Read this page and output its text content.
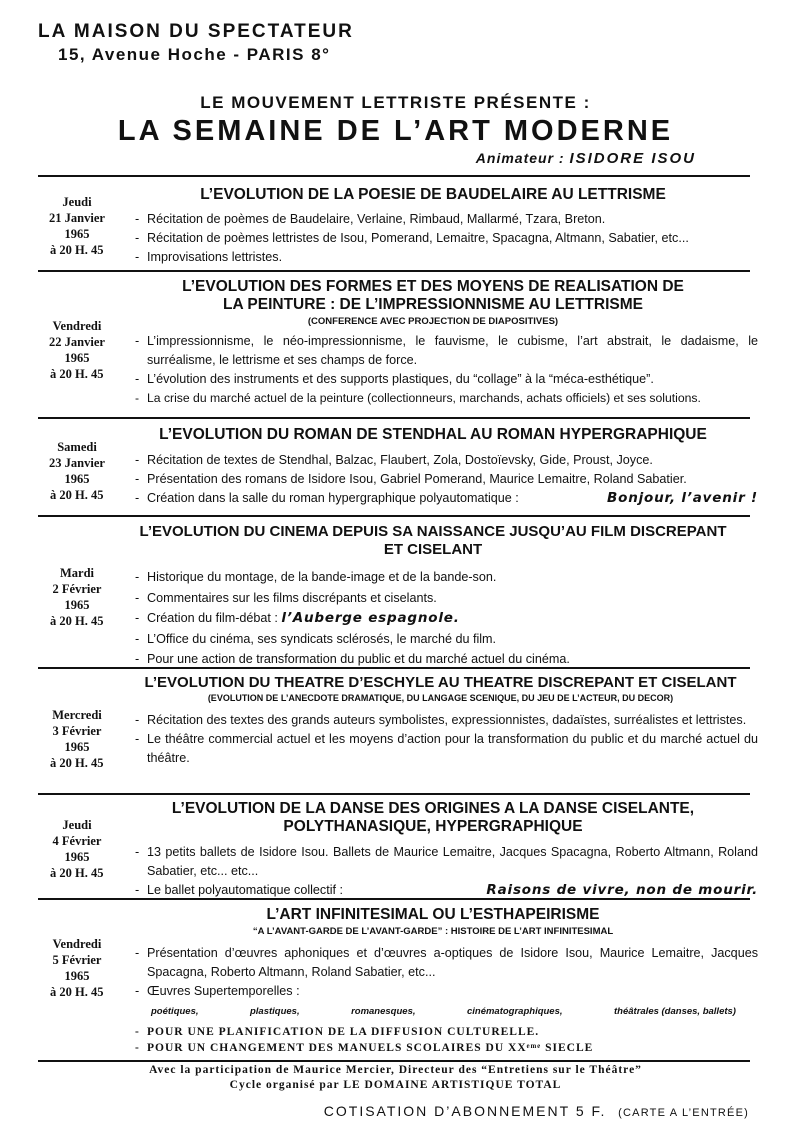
LA MAISON DU SPECTATEUR
15, Avenue Hoche - PARIS 8°
LE MOUVEMENT LETTRISTE PRÉSENTE :
LA SEMAINE DE L’ART MODERNE
Animateur : ISIDORE ISOU
Jeudi
21 Janvier
1965
à 20 H. 45
L’EVOLUTION DE LA POESIE DE BAUDELAIRE AU LETTRISME
- Récitation de poèmes de Baudelaire, Verlaine, Rimbaud, Mallarmé, Tzara, Breton.
- Récitation de poèmes lettristes de Isou, Pomerand, Lemaitre, Spacagna, Altmann, Sabatier, etc...
- Improvisations lettristes.
Vendredi
22 Janvier
1965
à 20 H. 45
L’EVOLUTION DES FORMES ET DES MOYENS DE REALISATION DE
LA PEINTURE : DE L’IMPRESSIONNISME AU LETTRISME
(CONFERENCE AVEC PROJECTION DE DIAPOSITIVES)
- L’impressionnisme, le néo-impressionnisme, le fauvisme, le cubisme, l’art abstrait, le dadaisme, le surréalisme, le lettrisme et ses champs de force.
- L’évolution des instruments et des supports plastiques, du “collage” à la “méca-esthétique”.
- La crise du marché actuel de la peinture (collectionneurs, marchands, achats officiels) et ses solutions.
Samedi
23 Janvier
1965
à 20 H. 45
L’EVOLUTION DU ROMAN DE STENDHAL AU ROMAN HYPERGRAPHIQUE
- Récitation de textes de Stendhal, Balzac, Flaubert, Zola, Dostoïevsky, Gide, Proust, Joyce.
- Présentation des romans de Isidore Isou, Gabriel Pomerand, Maurice Lemaitre, Roland Sabatier.
- Création dans la salle du roman hypergraphique polyautomatique :	Bonjour, l’avenir !
Mardi
2 Février
1965
à 20 H. 45
L’EVOLUTION DU CINEMA DEPUIS SA NAISSANCE JUSQU’AU FILM DISCREPANT
ET CISELANT
- Historique du montage, de la bande-image et de la bande-son.
- Commentaires sur les films discrépants et ciselants.
- Création du film-débat : l’Auberge espagnole.
- L’Office du cinéma, ses syndicats sclérosés, le marché du film.
- Pour une action de transformation du public et du marché actuel du cinéma.
Mercredi
3 Février
1965
à 20 H. 45
L’EVOLUTION DU THEATRE D’ESCHYLE AU THEATRE DISCREPANT ET CISELANT
(EVOLUTION DE L’ANECDOTE DRAMATIQUE, DU LANGAGE SCENIQUE, DU JEU DE L’ACTEUR, DU DECOR)
- Récitation des textes des grands auteurs symbolistes, expressionnistes, dadaïstes, surréalistes et lettristes.
- Le théâtre commercial actuel et les moyens d’action pour la transformation du public et du marché actuel du théâtre.
Jeudi
4 Février
1965
à 20 H. 45
L’EVOLUTION DE LA DANSE DES ORIGINES A LA DANSE CISELANTE,
POLYTHANASIQUE, HYPERGRAPHIQUE
- 13 petits ballets de Isidore Isou. Ballets de Maurice Lemaitre, Jacques Spacagna, Roberto Altmann, Roland Sabatier, etc... etc...
- Le ballet polyautomatique collectif :	Raisons de vivre, non de mourir.
Vendredi
5 Février
1965
à 20 H. 45
L’ART INFINITESIMAL OU L’ESTHAPEIRISME
“A L’AVANT-GARDE DE L’AVANT-GARDE” : HISTOIRE DE L’ART INFINITESIMAL
- Présentation d’œuvres aphoniques et d’œuvres a-optiques de Isidore Isou, Maurice Lemaitre, Jacques Spacagna, Roberto Altmann, Roland Sabatier, etc...
- Œuvres Supertemporelles :
poétiques,	plastiques,	romanesques,	cinématographiques,	théâtrales (danses, ballets)
- POUR UNE PLANIFICATION DE LA DIFFUSION CULTURELLE.
- POUR UN CHANGEMENT DES MANUELS SCOLAIRES DU XXᵉᵐᵉ SIECLE
Avec la participation de Maurice Mercier, Directeur des “Entretiens sur le Théâtre”
Cycle organisé par LE DOMAINE ARTISTIQUE TOTAL
COTISATION D’ABONNEMENT 5 F. (CARTE A L’ENTRÉE)
